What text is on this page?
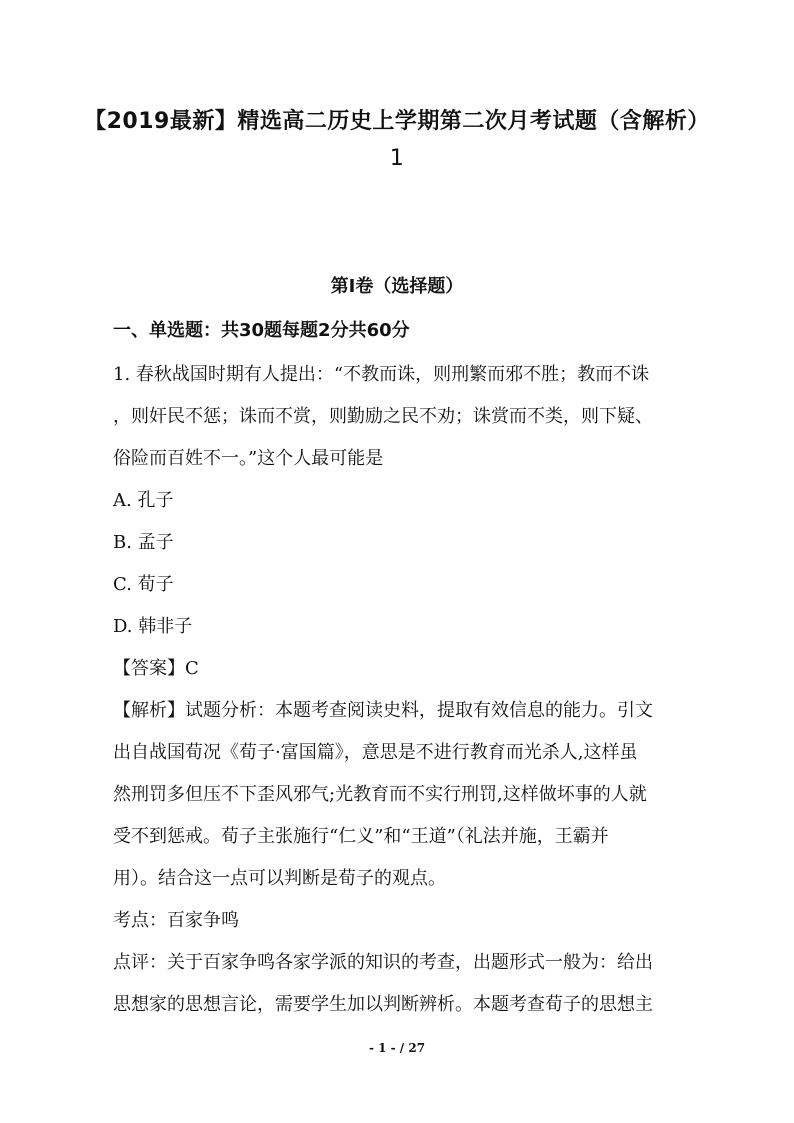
【2019最新】精选高二历史上学期第二次月考试题（含解析）
1
第I卷（选择题）
一、单选题：共30题每题2分共60分
1. 春秋战国时期有人提出：“不教而诛，则刑繁而邪不胜；教而不诛
，则奸民不惩；诛而不赏，则勤励之民不劝；诛赏而不类，则下疑、
俗险而百姓不一。”这个人最可能是
A. 孔子
B. 孟子
C. 荀子
D. 韩非子
【答案】C
【解析】试题分析：本题考查阅读史料，提取有效信息的能力。引文
出自战国荀况《荀子·富国篇》，意思是不进行教育而光杀人,这样虽
然刑罚多但压不下歪风邪气;光教育而不实行刑罚,这样做坏事的人就
受不到惩戒。荀子主张施行“仁义”和“王道”（礼法并施，王霸并
用）。结合这一点可以判断是荀子的观点。
考点：百家争鸣
点评：关于百家争鸣各家学派的知识的考查，出题形式一般为：给出
思想家的思想言论，需要学生加以判断辨析。本题考查荀子的思想主
- 1 - / 27
